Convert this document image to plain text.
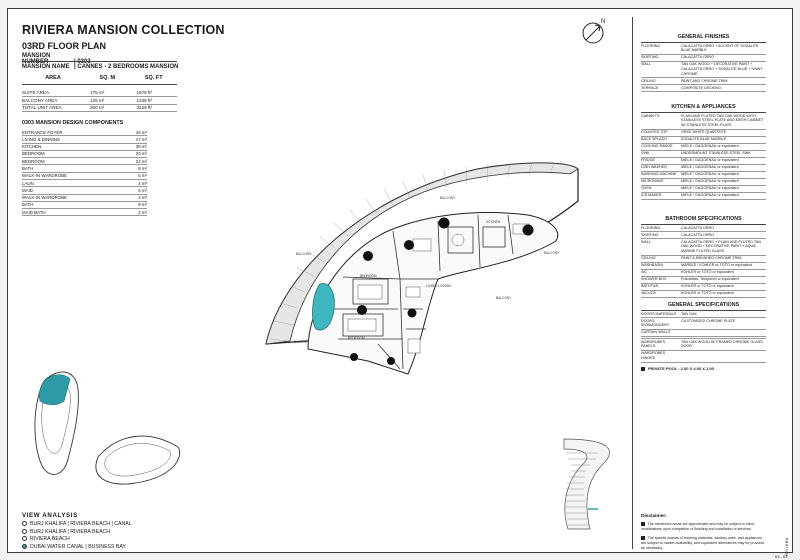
RIVIERA MANSION COLLECTION
03RD FLOOR PLAN
MANSION NUMBER	| 0303
MANSION NAME | CANNES - 2 BEDROOMS MANSION
AREA	SQ. M	SQ. FT

SUITE AREA	175 m²	1879 ft²
BALCONY AREA	125 m²	1349 ft²
TOTAL UNIT AREA	300 m²	3229 ft²
0303 MANSION DESIGN COMPONENTS
ENTRANCE FOYER	16 m²
LIVING & DINNING	47 m²
KITCHEN	30 m²
BEDROOM	20 m²
BEDROOM	22 m²
BATH	8 m²
WALK-IN WARDROBE	5 m²
LAUN.	4 m²
MAID	5 m²
WALK-IN WARDROBE	2 m²
BATH	9 m²
MAID BATH	2 m²
BALCONY
BALCONY	BALCONY
BALCONY
BALCONY
LIVING & DINING
KITCHEN
BEDROOM
BEDROOM
N
VIEW ANALYSIS
BURJ KHALIFA | RIVIERA BEACH | CANAL
BURJ KHALIFA | RIVIERA BEACH
RIVIERA BEACH
DUBAI WATER CANAL | BUSINESS BAY
GENERAL FINISHES
FLOORING	CALACATTA ORRO + ACCENT OF SODALITE BLUE MARBLE
SKIRTING	CALACATTA ORRO
WALL	TAN OAK WOOD + DECORATIVE PAINT + CALACATTA ORRO + SODALITE BLUE + SHINY CHROME
CEILING	PAINT AND CHROME TRIM
TERRACE	COMPOSITE DECKING
KITCHEN & APPLIANCES
CABINETS	PLAIN AND FLUTED TAN OAK WOOD WITH STAINLESS STEEL PLATE AND MESH CABINET W/ STAINLESS STEEL PLATE
COUNTER TOP	GRIGI WHITE QUARTZITE
BACK SPLASH	SODALITE BLUE MARBLE
COOKING RANGE	MIELE / GAGGENAU or equivalent
SINK	UNDERMOUNT STAINLESS STEEL SINK
FRIDGE	MIELE / GAGGENAU or equivalent
DISH WASHER	MIELE / GAGGENAU or equivalent
WASHING MACHINE	MIELE / GAGGENAU or equivalent
MICROWAVE	MIELE / GAGGENAU or equivalent
OVEN	MIELE / GAGGENAU or equivalent
ICE MAKER	MIELE / GAGGENAU or equivalent
BATHROOM SPECIFICATIONS
FLOORING	CALACATTA ORRO
SKIRTING	CALACATTA ORRO
WALL	CALACATTA ORRO + PLAIN AND FLUTED TAN OAK WOOD + DECORATIVE PAINT + AQUA MARINE FLUTED GLASS
CEILING	PAINT & BRUSHED CHROME TRIM
WASHBASIN	MARBLE / KOHLER or TOTO or equivalent
WC	KOHLER or TOTO or equivalent
SHOWER BOX	Frameless, Tempered or equivalent
BATHTUB	KOHLER or TOTO or equivalent
JACUZZI	KOHLER or TOTO or equivalent
GENERAL SPECIFICATIONS
DOORS MATERIALS	TAN OAK
DOORS IRONMONGERY	CUSTOMIZED CHROME PLATE
CURTAIN WALLS	

WARDROBES PANELS	TAN OAK WOOD W/ FRAMED CHROME GLASS DOOR
WARDROBES HINGES	
PRIVATE POOL : 2.00 X 4.00 X 1.00
Disclaimer:
The mentioned areas are approximate and may be subject to minor modifications upon completion of finishing and installation of services.
The specific brands of finishing materials, sanitary ware, and appliances are subject to market availability, and equivalent alternatives may be provided as necessary.	RIVIERA
03 - 03
